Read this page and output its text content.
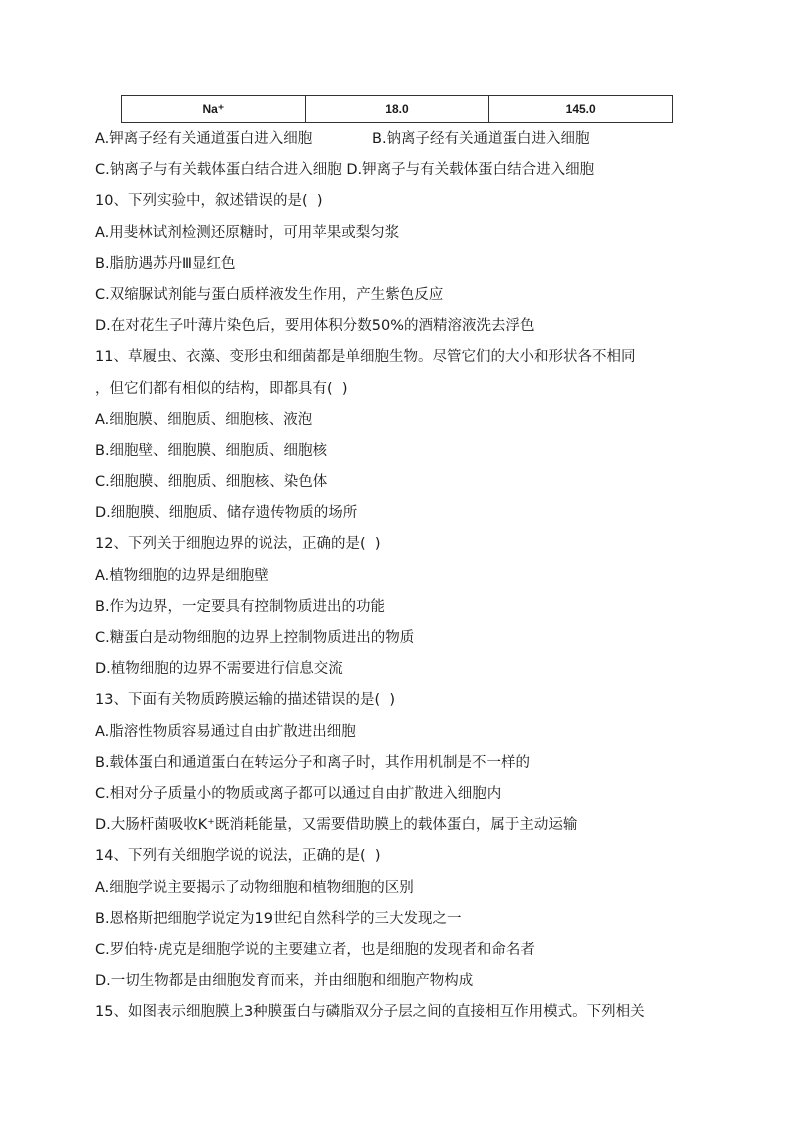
Na⁺	18.0	145.0
A.钾离子经有关通道蛋白进入细胞	B.钠离子经有关通道蛋白进入细胞
C.钠离子与有关载体蛋白结合进入细胞 D.钾离子与有关载体蛋白结合进入细胞
10、下列实验中，叙述错误的是(  )
A.用斐林试剂检测还原糖时，可用苹果或梨匀浆
B.脂肪遇苏丹Ⅲ显红色
C.双缩脲试剂能与蛋白质样液发生作用，产生紫色反应
D.在对花生子叶薄片染色后，要用体积分数50%的酒精溶液洗去浮色
11、草履虫、衣藻、变形虫和细菌都是单细胞生物。尽管它们的大小和形状各不相同
，但它们都有相似的结构，即都具有(  )
A.细胞膜、细胞质、细胞核、液泡
B.细胞壁、细胞膜、细胞质、细胞核
C.细胞膜、细胞质、细胞核、染色体
D.细胞膜、细胞质、储存遗传物质的场所
12、下列关于细胞边界的说法，正确的是(  )
A.植物细胞的边界是细胞壁
B.作为边界，一定要具有控制物质进出的功能
C.糖蛋白是动物细胞的边界上控制物质进出的物质
D.植物细胞的边界不需要进行信息交流
13、下面有关物质跨膜运输的描述错误的是(  )
A.脂溶性物质容易通过自由扩散进出细胞
B.载体蛋白和通道蛋白在转运分子和离子时，其作用机制是不一样的
C.相对分子质量小的物质或离子都可以通过自由扩散进入细胞内
D.大肠杆菌吸收K⁺既消耗能量，又需要借助膜上的载体蛋白，属于主动运输
14、下列有关细胞学说的说法，正确的是(  )
A.细胞学说主要揭示了动物细胞和植物细胞的区别
B.恩格斯把细胞学说定为19世纪自然科学的三大发现之一
C.罗伯特·虎克是细胞学说的主要建立者，也是细胞的发现者和命名者
D.一切生物都是由细胞发育而来，并由细胞和细胞产物构成
15、如图表示细胞膜上3种膜蛋白与磷脂双分子层之间的直接相互作用模式。下列相关
